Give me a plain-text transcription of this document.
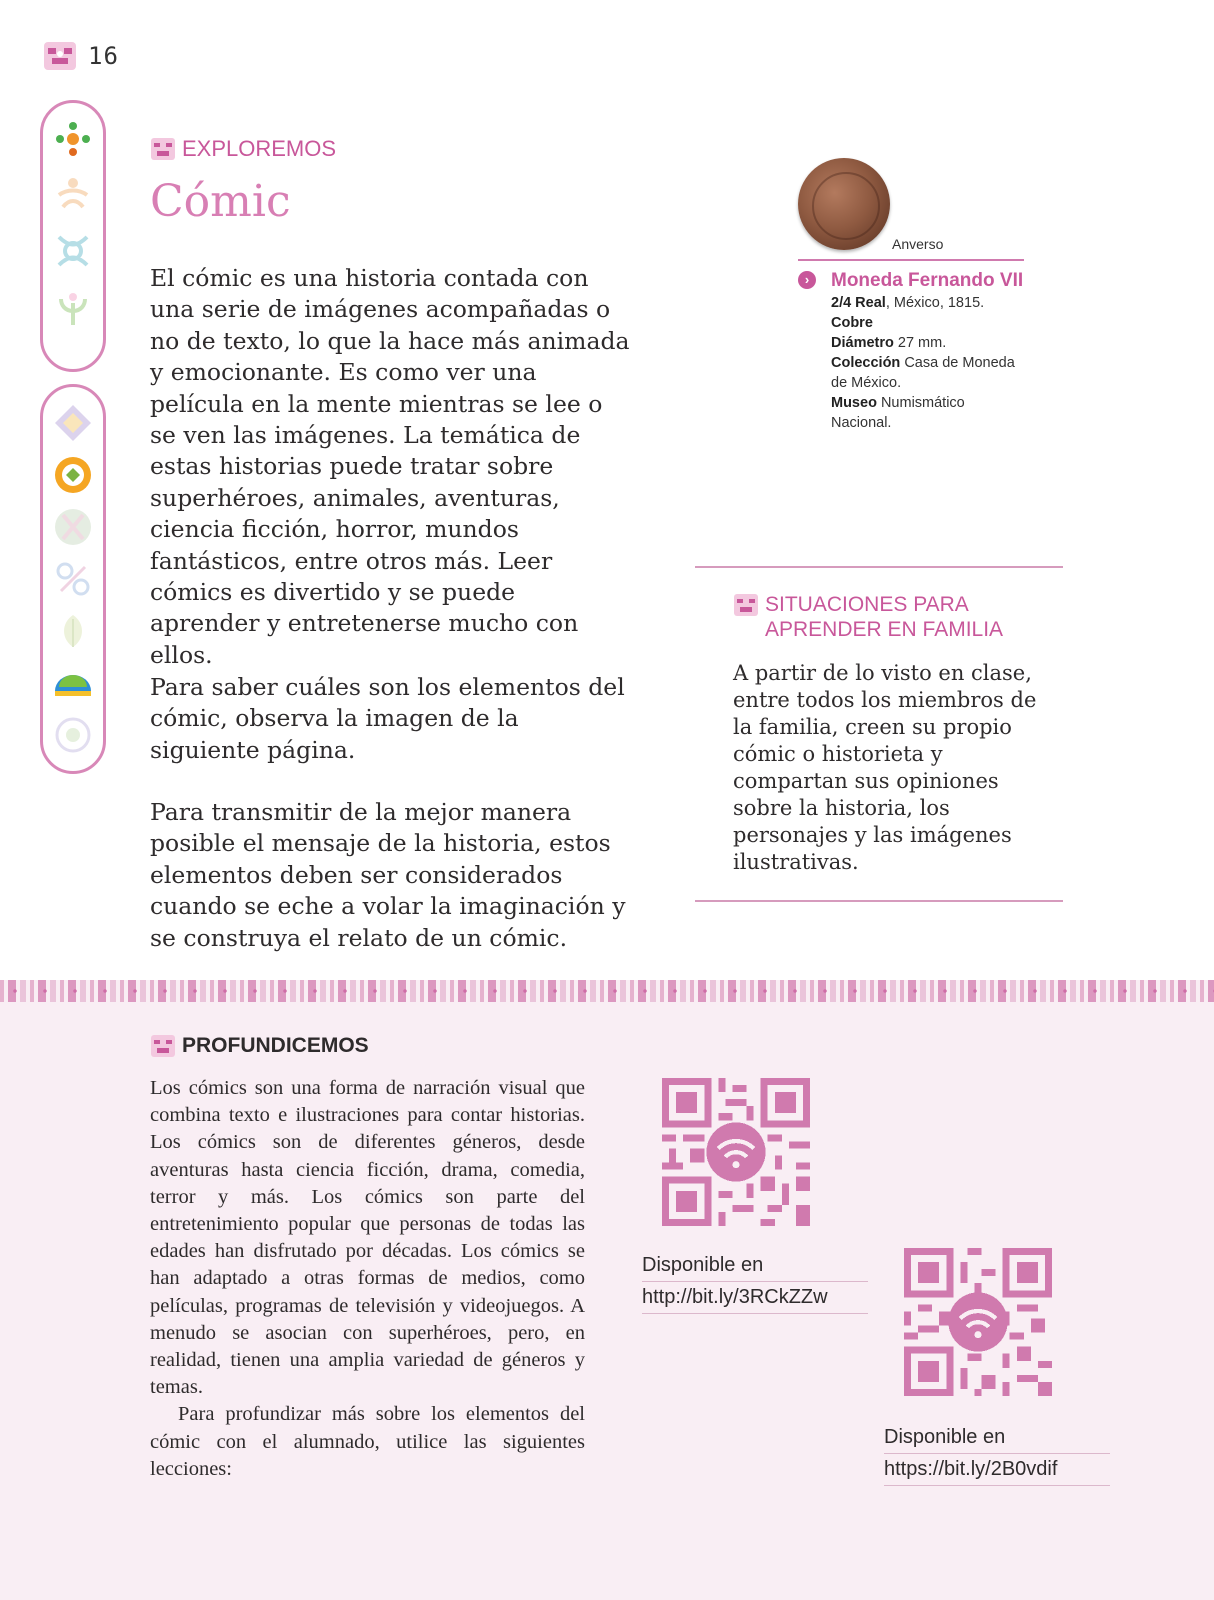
16
EXPLOREMOS
Cómic

El cómic es una historia contada con una serie de imágenes acompañadas o no de texto, lo que la hace más animada y emocionante. Es como ver una película en la mente mientras se lee o se ven las imágenes. La temática de estas historias puede tratar sobre superhéroes, animales, aventuras, ciencia ficción, horror, mundos fantásticos, entre otros más. Leer cómics es divertido y se puede aprender y entretenerse mucho con ellos.

Para saber cuáles son los elementos del cómic, observa la imagen de la siguiente página.

Para transmitir de la mejor manera posible el mensaje de la historia, estos elementos deben ser considerados cuando se eche a volar la imaginación y se construya el relato de un cómic.

Anverso
›	Moneda Fernando VII
2/4 Real, México, 1815.
Cobre
Diámetro 27 mm.
Colección Casa de Moneda de México.
Museo Numismático Nacional.
SITUACIONES PARA APRENDER EN FAMILIA

A partir de lo visto en clase, entre todos los miembros de la familia, creen su propio cómic o historieta y compartan sus opiniones sobre la historia, los personajes y las imágenes ilustrativas.

PROFUNDICEMOS

Los cómics son una forma de narración visual que combina texto e ilustraciones para contar historias. Los cómics son de diferentes géneros, desde aventuras hasta ciencia ficción, drama, comedia, terror y más. Los cómics son parte del entretenimiento popular que personas de todas las edades han disfrutado por décadas. Los cómics se han adaptado a otras formas de medios, como películas, programas de televisión y videojuegos. A menudo se asocian con superhéroes, pero, en realidad, tienen una amplia variedad de géneros y temas.

Para profundizar más sobre los elementos del cómic con el alumnado, utilice las siguientes lecciones:

Disponible en
http://bit.ly/3RCkZZw
Disponible en
https://bit.ly/2B0vdif
